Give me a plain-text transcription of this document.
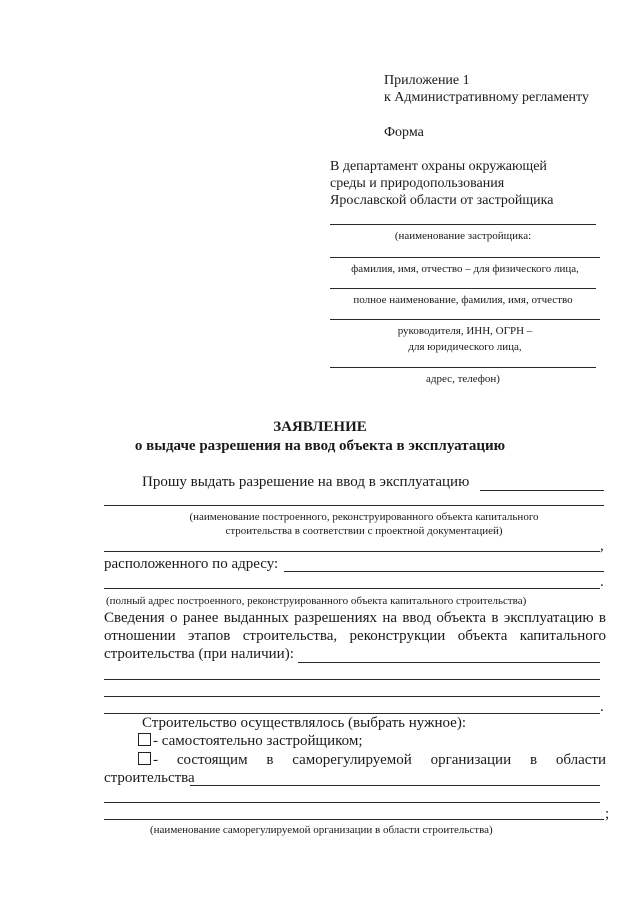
Приложение 1
к Административному регламенту
Форма
В департамент охраны окружающей
среды и природопользования
Ярославской области от застройщика
(наименование застройщика:
фамилия, имя, отчество – для физического лица,
полное наименование, фамилия, имя, отчество
руководителя, ИНН, ОГРН –
для юридического лица,
адрес, телефон)
ЗАЯВЛЕНИЕ
о выдаче разрешения на ввод объекта в эксплуатацию
Прошу выдать разрешение на ввод в эксплуатацию
(наименование построенного, реконструированного объекта капитального
строительства в соответствии с проектной документацией)
,
расположенного по адресу:
.
(полный адрес построенного, реконструированного объекта капитального строительства)
Сведения о ранее выданных разрешениях на ввод объекта в эксплуатацию в
отношении этапов строительства, реконструкции объекта капитального
строительства (при наличии):
.
Строительство осуществлялось (выбрать нужное):
- самостоятельно застройщиком;
- состоящим в саморегулируемой организации в области
строительства
;
(наименование саморегулируемой организации в области строительства)
